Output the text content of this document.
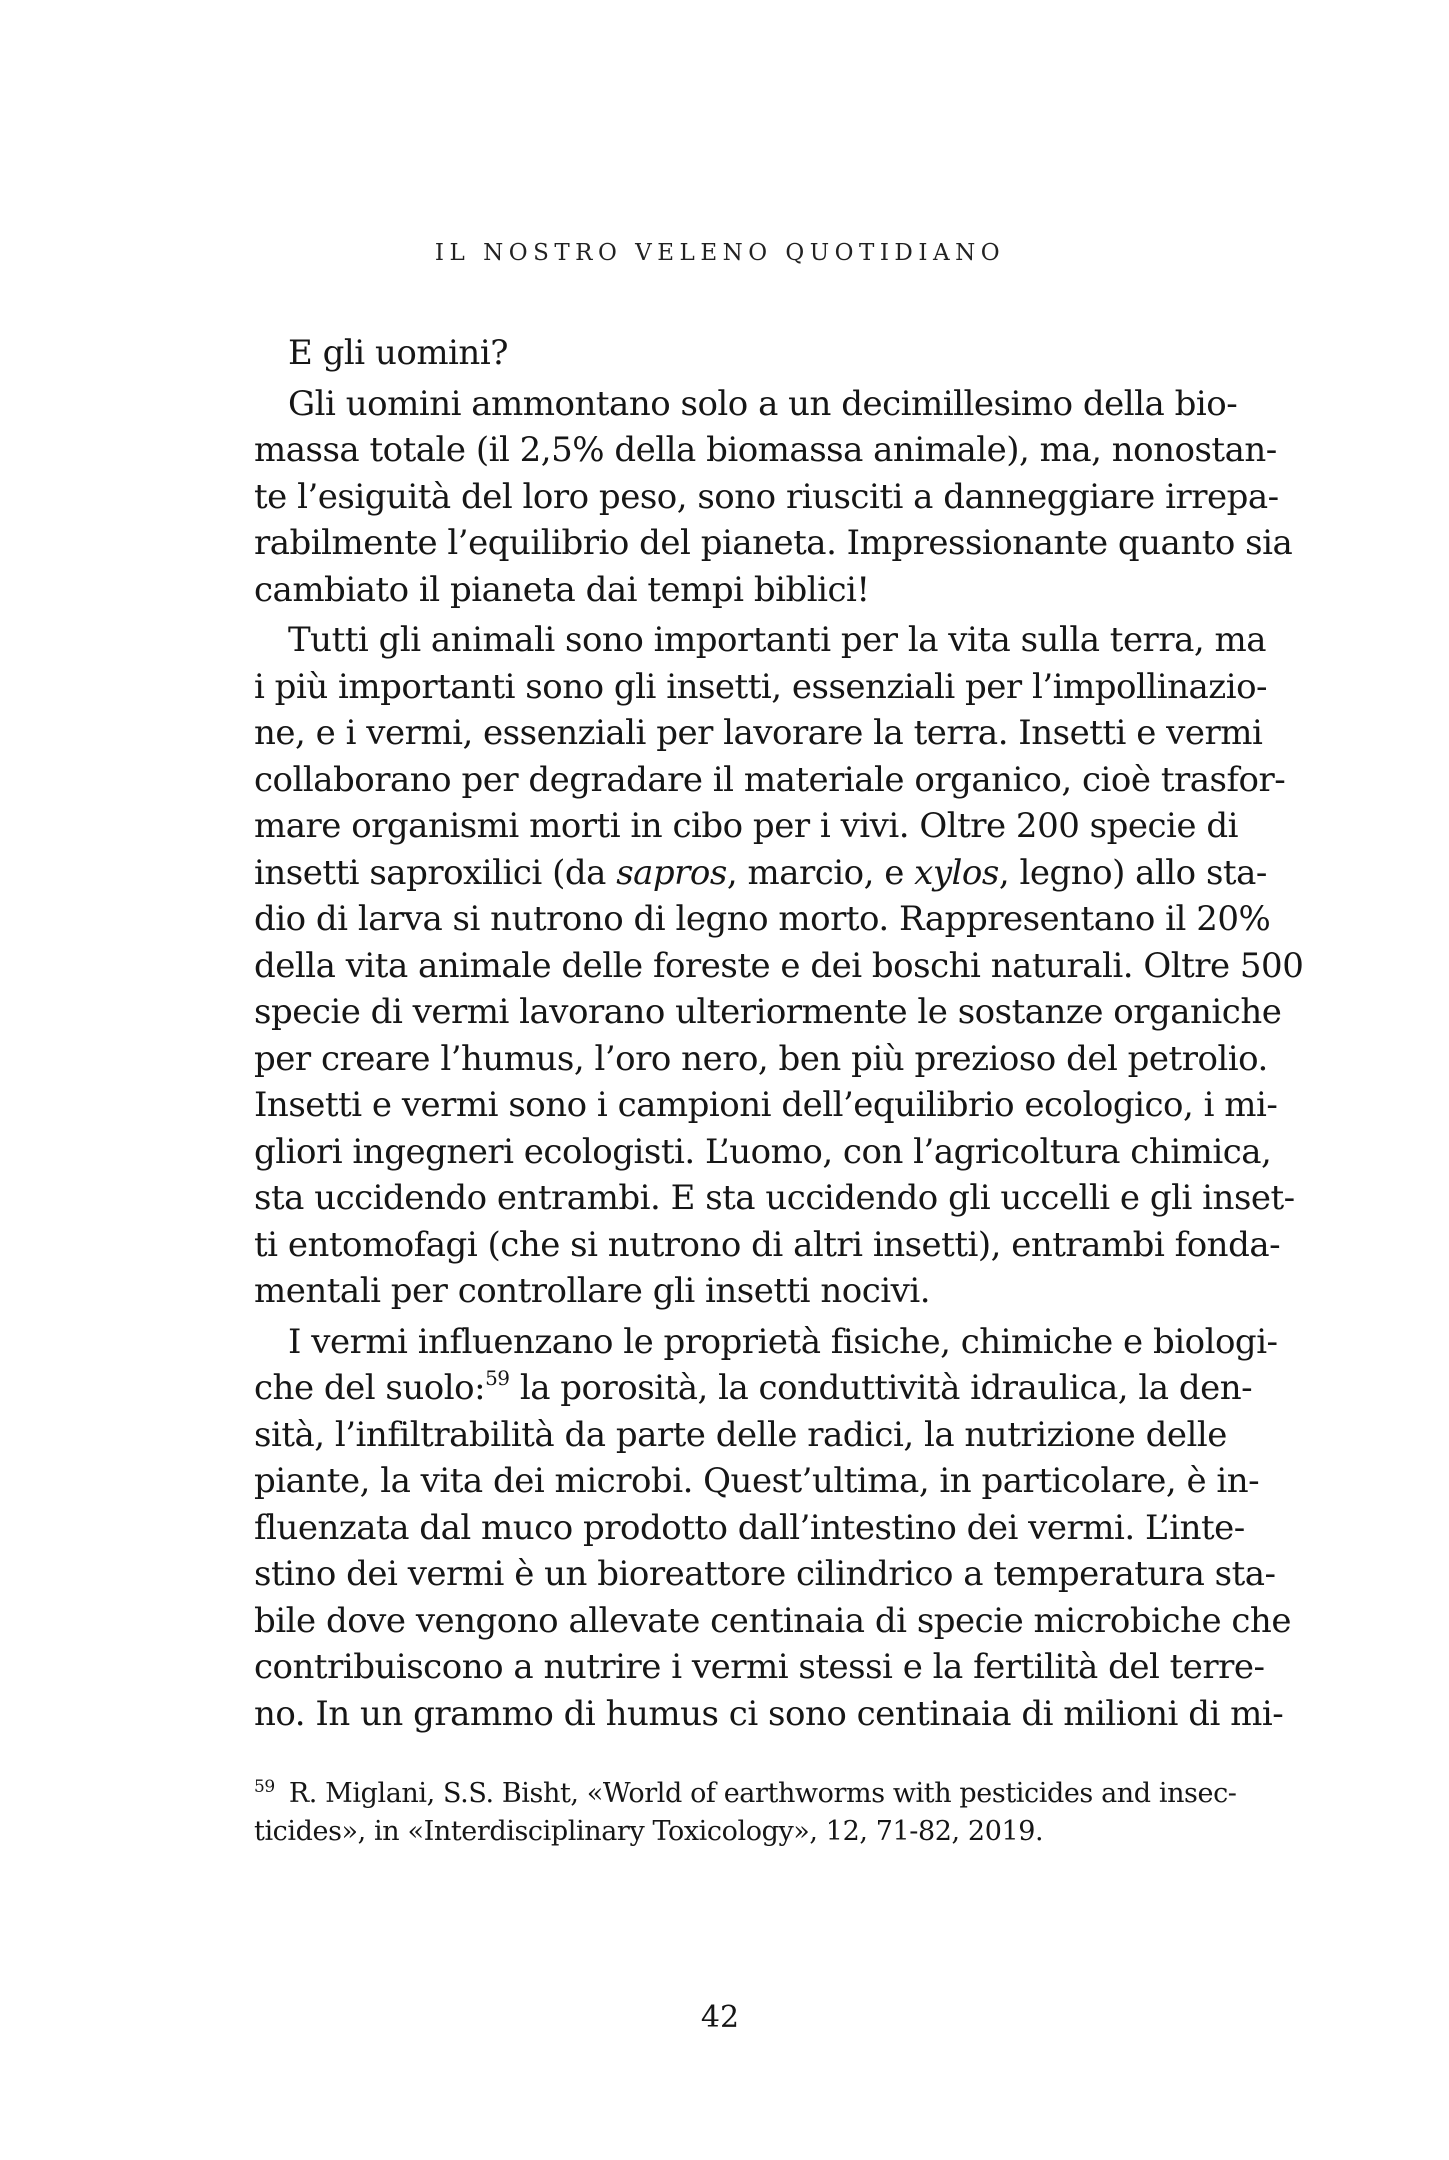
IL NOSTRO VELENO QUOTIDIANO
E gli uomini?
Gli uomini ammontano solo a un decimillesimo della bio-
massa totale (il 2,5% della biomassa animale), ma, nonostan-
te l’esiguità del loro peso, sono riusciti a danneggiare irrepa-
rabilmente l’equilibrio del pianeta. Impressionante quanto sia
cambiato il pianeta dai tempi biblici!
Tutti gli animali sono importanti per la vita sulla terra, ma
i più importanti sono gli insetti, essenziali per l’impollinazio-
ne, e i vermi, essenziali per lavorare la terra. Insetti e vermi
collaborano per degradare il materiale organico, cioè trasfor-
mare organismi morti in cibo per i vivi. Oltre 200 specie di
insetti saproxilici (da sapros, marcio, e xylos, legno) allo sta-
dio di larva si nutrono di legno morto. Rappresentano il 20%
della vita animale delle foreste e dei boschi naturali. Oltre 500
specie di vermi lavorano ulteriormente le sostanze organiche
per creare l’humus, l’oro nero, ben più prezioso del petrolio.
Insetti e vermi sono i campioni dell’equilibrio ecologico, i mi-
gliori ingegneri ecologisti. L’uomo, con l’agricoltura chimica,
sta uccidendo entrambi. E sta uccidendo gli uccelli e gli inset-
ti entomofagi (che si nutrono di altri insetti), entrambi fonda-
mentali per controllare gli insetti nocivi.
I vermi influenzano le proprietà fisiche, chimiche e biologi-
che del suolo:$^{59}$ la porosità, la conduttività idraulica, la den-
sità, l’infiltrabilità da parte delle radici, la nutrizione delle
piante, la vita dei microbi. Quest’ultima, in particolare, è in-
fluenzata dal muco prodotto dall’intestino dei vermi. L’inte-
stino dei vermi è un bioreattore cilindrico a temperatura sta-
bile dove vengono allevate centinaia di specie microbiche che
contribuiscono a nutrire i vermi stessi e la fertilità del terre-
no. In un grammo di humus ci sono centinaia di milioni di mi-
$^{59}$ R. Miglani, S.S. Bisht, «World of earthworms with pesticides and insec-
ticides», in «Interdisciplinary Toxicology», 12, 71-82, 2019.
42
